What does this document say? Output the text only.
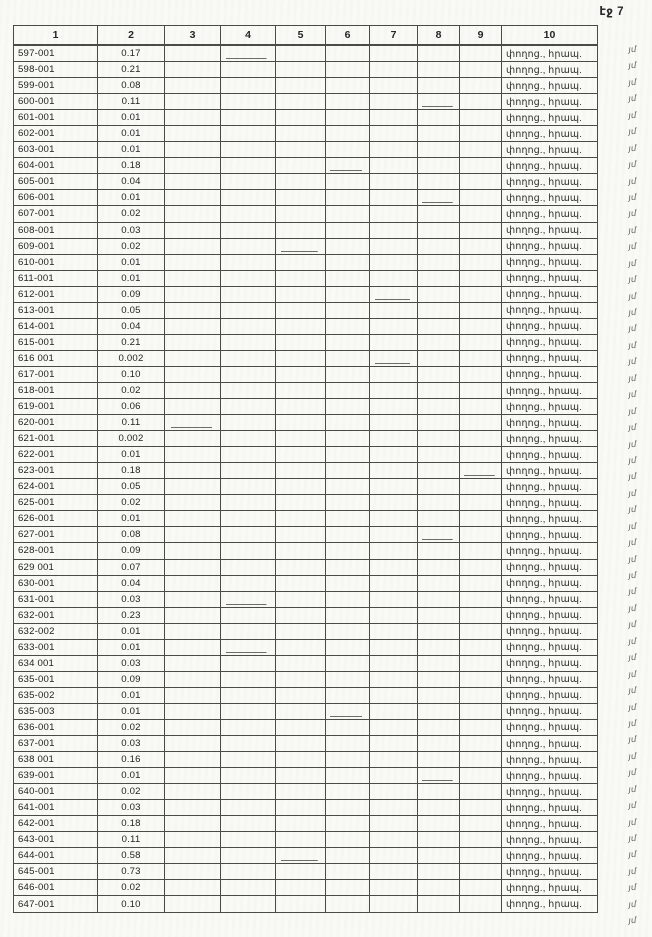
էջ 7
1	2	3	4	5	6	7	8	9	10
597-001	0.17								փողոց., հրապ.
598-001	0.21								փողոց., հրապ.
599-001	0.08								փողոց., հրապ.
600-001	0.11								փողոց., հրապ.
601-001	0.01								փողոց., հրապ.
602-001	0.01								փողոց., հրապ.
603-001	0.01								փողոց., հրապ.
604-001	0.18								փողոց., հրապ.
605-001	0.04								փողոց., հրապ.
606-001	0.01								փողոց., հրապ.
607-001	0.02								փողոց., հրապ.
608-001	0.03								փողոց., հրապ.
609-001	0.02								փողոց., հրապ.
610-001	0.01								փողոց., հրապ.
611-001	0.01								փողոց., հրապ.
612-001	0.09								փողոց., հրապ.
613-001	0.05								փողոց., հրապ.
614-001	0.04								փողոց., հրապ.
615-001	0.21								փողոց., հրապ.
616 001	0.002								փողոց., հրապ.
617-001	0.10								փողոց., հրապ.
618-001	0.02								փողոց., հրապ.
619-001	0.06								փողոց., հրապ.
620-001	0.11								փողոց., հրապ.
621-001	0.002								փողոց., հրապ.
622-001	0.01								փողոց., հրապ.
623-001	0.18								փողոց., հրապ.
624-001	0.05								փողոց., հրապ.
625-001	0.02								փողոց., հրապ.
626-001	0.01								փողոց., հրապ.
627-001	0.08								փողոց., հրապ.
628-001	0.09								փողոց., հրապ.
629 001	0.07								փողոց., հրապ.
630-001	0.04								փողոց., հրապ.
631-001	0.03								փողոց., հրապ.
632-001	0.23								փողոց., հրապ.
632-002	0.01								փողոց., հրապ.
633-001	0.01								փողոց., հրապ.
634 001	0.03								փողոց., հրապ.
635-001	0.09								փողոց., հրապ.
635-002	0.01								փողոց., հրապ.
635-003	0.01								փողոց., հրապ.
636-001	0.02								փողոց., հրապ.
637-001	0.03								փողոց., հրապ.
638 001	0.16								փողոց., հրապ.
639-001	0.01								փողոց., հրապ.
640-001	0.02								փողոց., հրապ.
641-001	0.03								փողոց., հրապ.
642-001	0.18								փողոց., հրապ.
643-001	0.11								փողոց., հրապ.
644-001	0.58								փողոց., հրապ.
645-001	0.73								փողոց., հրապ.
646-001	0.02								փողոց., հրապ.
647-001	0.10								փողոց., հրապ.
յմ
յմ
յմ
յմ
յմ
յմ
յմ
յմ
յմ
յմ
յմ
յմ
յմ
յմ
յմ
յմ
յմ
յմ
յմ
յմ
յմ
յմ
յմ
յմ
յմ
յմ
յմ
յմ
յմ
յմ
յմ
յմ
յմ
յմ
յմ
յմ
յմ
յմ
յմ
յմ
յմ
յմ
յմ
յմ
յմ
յմ
յմ
յմ
յմ
յմ
յմ
յմ
յմ
յմ
